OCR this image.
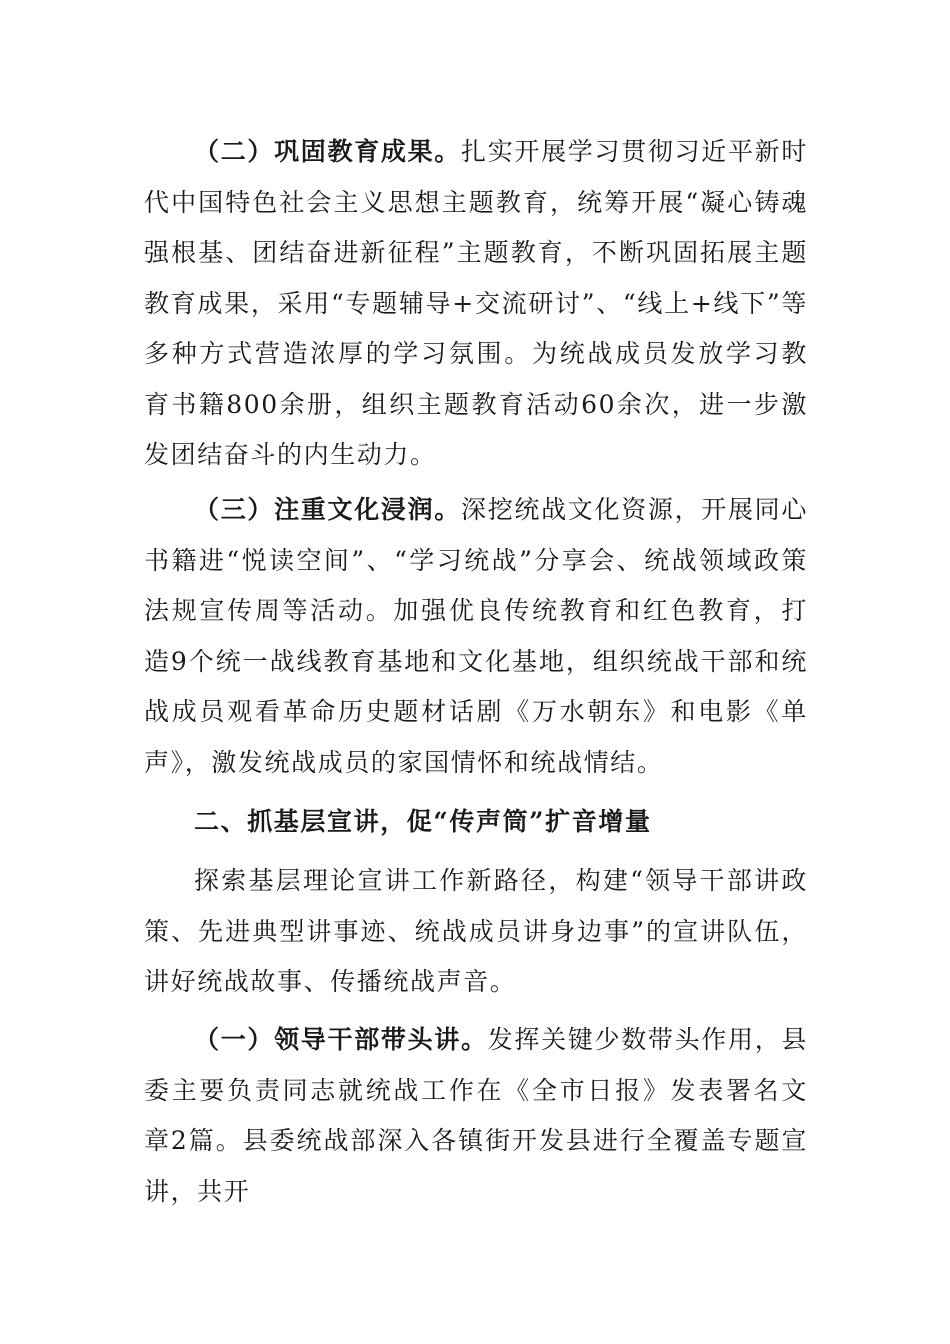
（二）巩固教育成果。扎实开展学习贯彻习近平新时代中国特色社会主义思想主题教育，统筹开展“凝心铸魂强根基、团结奋进新征程”主题教育，不断巩固拓展主题教育成果，采用“专题辅导+交流研讨”、“线上+线下”等多种方式营造浓厚的学习氛围。为统战成员发放学习教育书籍800余册，组织主题教育活动60余次，进一步激发团结奋斗的内生动力。

（三）注重文化浸润。深挖统战文化资源，开展同心书籍进“悦读空间”、“学习统战”分享会、统战领域政策法规宣传周等活动。加强优良传统教育和红色教育，打造9个统一战线教育基地和文化基地，组织统战干部和统战成员观看革命历史题材话剧《万水朝东》和电影《单声》，激发统战成员的家国情怀和统战情结。

二、抓基层宣讲，促“传声筒”扩音增量

探索基层理论宣讲工作新路径，构建“领导干部讲政策、先进典型讲事迹、统战成员讲身边事”的宣讲队伍，讲好统战故事、传播统战声音。

（一）领导干部带头讲。发挥关键少数带头作用，县委主要负责同志就统战工作在《全市日报》发表署名文章2篇。县委统战部深入各镇街开发县进行全覆盖专题宣讲，共开
